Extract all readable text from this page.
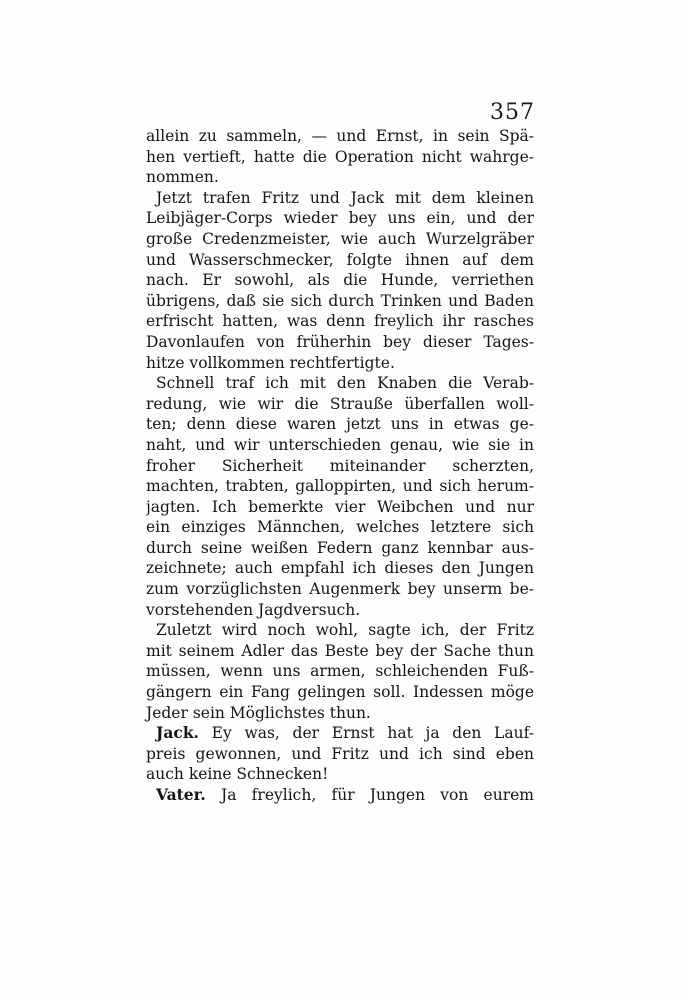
357
allein zu sammeln, — und Ernst, in sein Spä-
hen vertieft, hatte die Operation nicht wahrge-
nommen.
Jetzt trafen Fritz und Jack mit dem kleinen
Leibjäger-Corps wieder bey uns ein, und der
große Credenzmeister, wie auch Wurzelgräber
und Wasserschmecker, folgte ihnen auf dem
nach. Er sowohl, als die Hunde, verriethen
übrigens, daß sie sich durch Trinken und Baden
erfrischt hatten, was denn freylich ihr rasches
Davonlaufen von früherhin bey dieser Tages-
hitze vollkommen rechtfertigte.
Schnell traf ich mit den Knaben die Verab-
redung, wie wir die Strauße überfallen woll-
ten; denn diese waren jetzt uns in etwas ge-
naht, und wir unterschieden genau, wie sie in
froher Sicherheit miteinander scherzten,
machten, trabten, galloppirten, und sich herum-
jagten. Ich bemerkte vier Weibchen und nur
ein einziges Männchen, welches letztere sich
durch seine weißen Federn ganz kennbar aus-
zeichnete; auch empfahl ich dieses den Jungen
zum vorzüglichsten Augenmerk bey unserm be-
vorstehenden Jagdversuch.
Zuletzt wird noch wohl, sagte ich, der Fritz
mit seinem Adler das Beste bey der Sache thun
müssen, wenn uns armen, schleichenden Fuß-
gängern ein Fang gelingen soll. Indessen möge
Jeder sein Möglichstes thun.
Jack. Ey was, der Ernst hat ja den Lauf-
preis gewonnen, und Fritz und ich sind eben
auch keine Schnecken!
Vater. Ja freylich, für Jungen von eurem
